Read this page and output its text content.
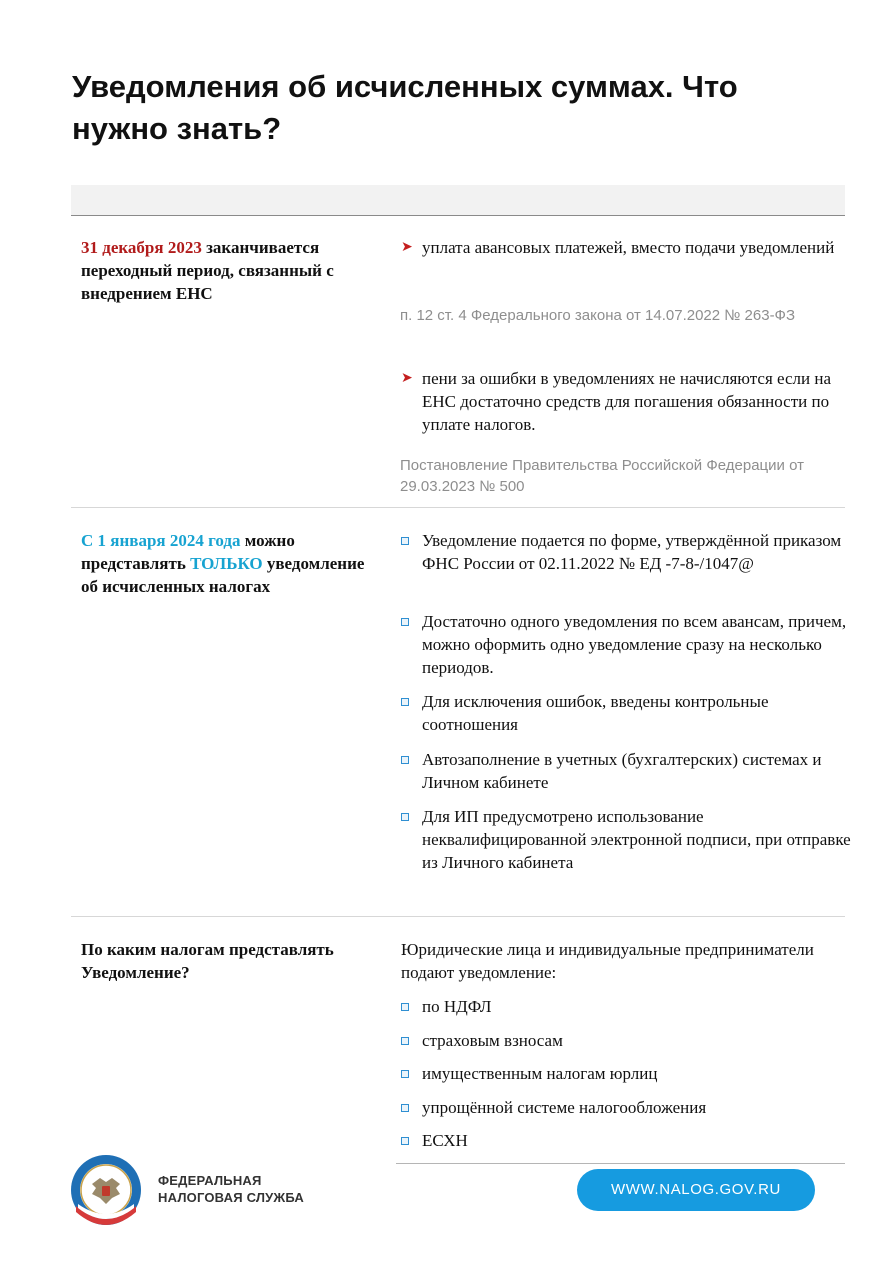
Уведомления об исчисленных суммах. Что нужно знать?
31 декабря 2023 заканчивается переходный период, связанный с внедрением ЕНС
➤ уплата авансовых платежей, вместо подачи уведомлений
п. 12 ст. 4 Федерального закона от 14.07.2022 № 263-ФЗ
➤ пени за ошибки в уведомлениях не начисляются если на ЕНС достаточно средств для погашения обязанности по уплате налогов.
Постановление Правительства Российской Федерации от 29.03.2023 № 500
С 1 января 2024 года можно представлять ТОЛЬКО уведомление об исчисленных налогах
Уведомление подается по форме, утверждённой приказом ФНС России от 02.11.2022 № ЕД -7-8-/1047@
Достаточно одного уведомления по всем авансам, причем, можно оформить одно уведомление сразу на несколько периодов.
Для исключения ошибок, введены контрольные соотношения
Автозаполнение в учетных (бухгалтерских) системах и Личном кабинете
Для ИП предусмотрено использование неквалифицированной электронной подписи, при отправке из Личного кабинета
По каким налогам представлять Уведомление?
Юридические лица и индивидуальные предприниматели подают уведомление:
по НДФЛ
страховым взносам
имущественным налогам юрлиц
упрощённой системе налогообложения
ЕСХН
ФЕДЕРАЛЬНАЯ
НАЛОГОВАЯ СЛУЖБА	WWW.NALOG.GOV.RU
